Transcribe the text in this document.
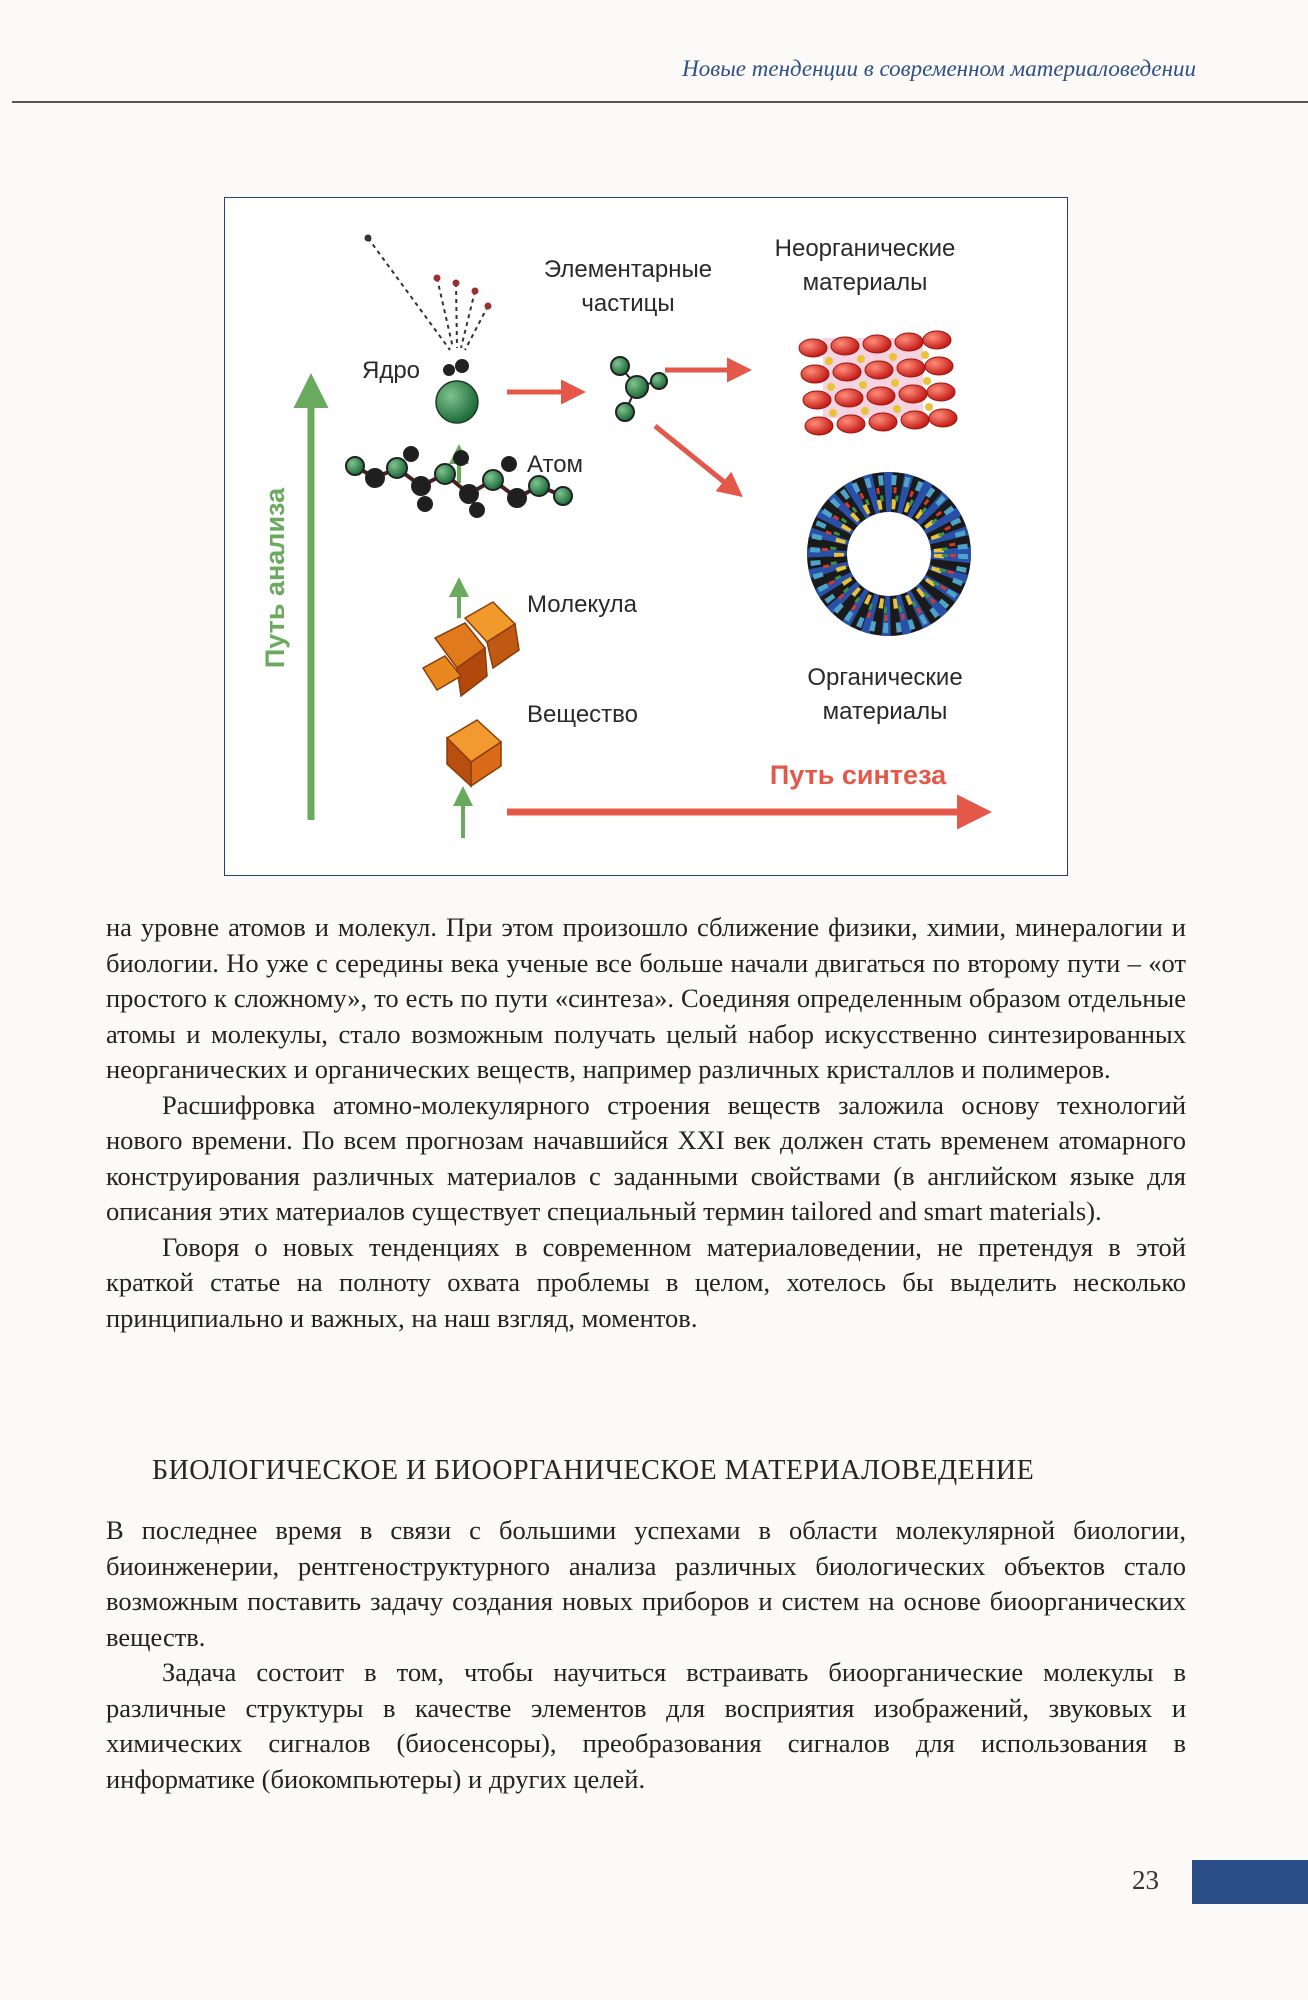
Новые тенденции в современном материаловедении
Элементарные частицы
Неорганические материалы
Ядро
Атом
Молекула
Вещество
Органические материалы
Путь анализа
Путь синтеза

на уровне атомов и молекул. При этом произошло сближение физики, химии, минералогии и биологии. Но уже с середины века ученые все больше начали двигаться по второму пути – «от простого к сложному», то есть по пути «синтеза». Соединяя определенным образом отдельные атомы и молекулы, стало возможным получать целый набор искусственно синтезированных неорганических и органических веществ, например различных кристаллов и полимеров.

Расшифровка атомно-молекулярного строения веществ заложила основу технологий нового времени. По всем прогнозам начавшийся XXI век должен стать временем атомарного конструирования различных материалов с заданными свойствами (в английском языке для описания этих материалов существует специальный термин tailored and smart materials).

Говоря о новых тенденциях в современном материаловедении, не претендуя в этой краткой статье на полноту охвата проблемы в целом, хотелось бы выделить несколько принципиально и важных, на наш взгляд, моментов.

БИОЛОГИЧЕСКОЕ И БИООРГАНИЧЕСКОЕ МАТЕРИАЛОВЕДЕНИЕ

В последнее время в связи с большими успехами в области молекулярной биологии, биоинженерии, рентгеноструктурного анализа различных биологических объектов стало возможным поставить задачу создания новых приборов и систем на основе биоорганических веществ.

Задача состоит в том, чтобы научиться встраивать биоорганические молекулы в различные структуры в качестве элементов для восприятия изображений, звуковых и химических сигналов (биосенсоры), преобразования сигналов для использования в информатике (биокомпьютеры) и других целей.

23
